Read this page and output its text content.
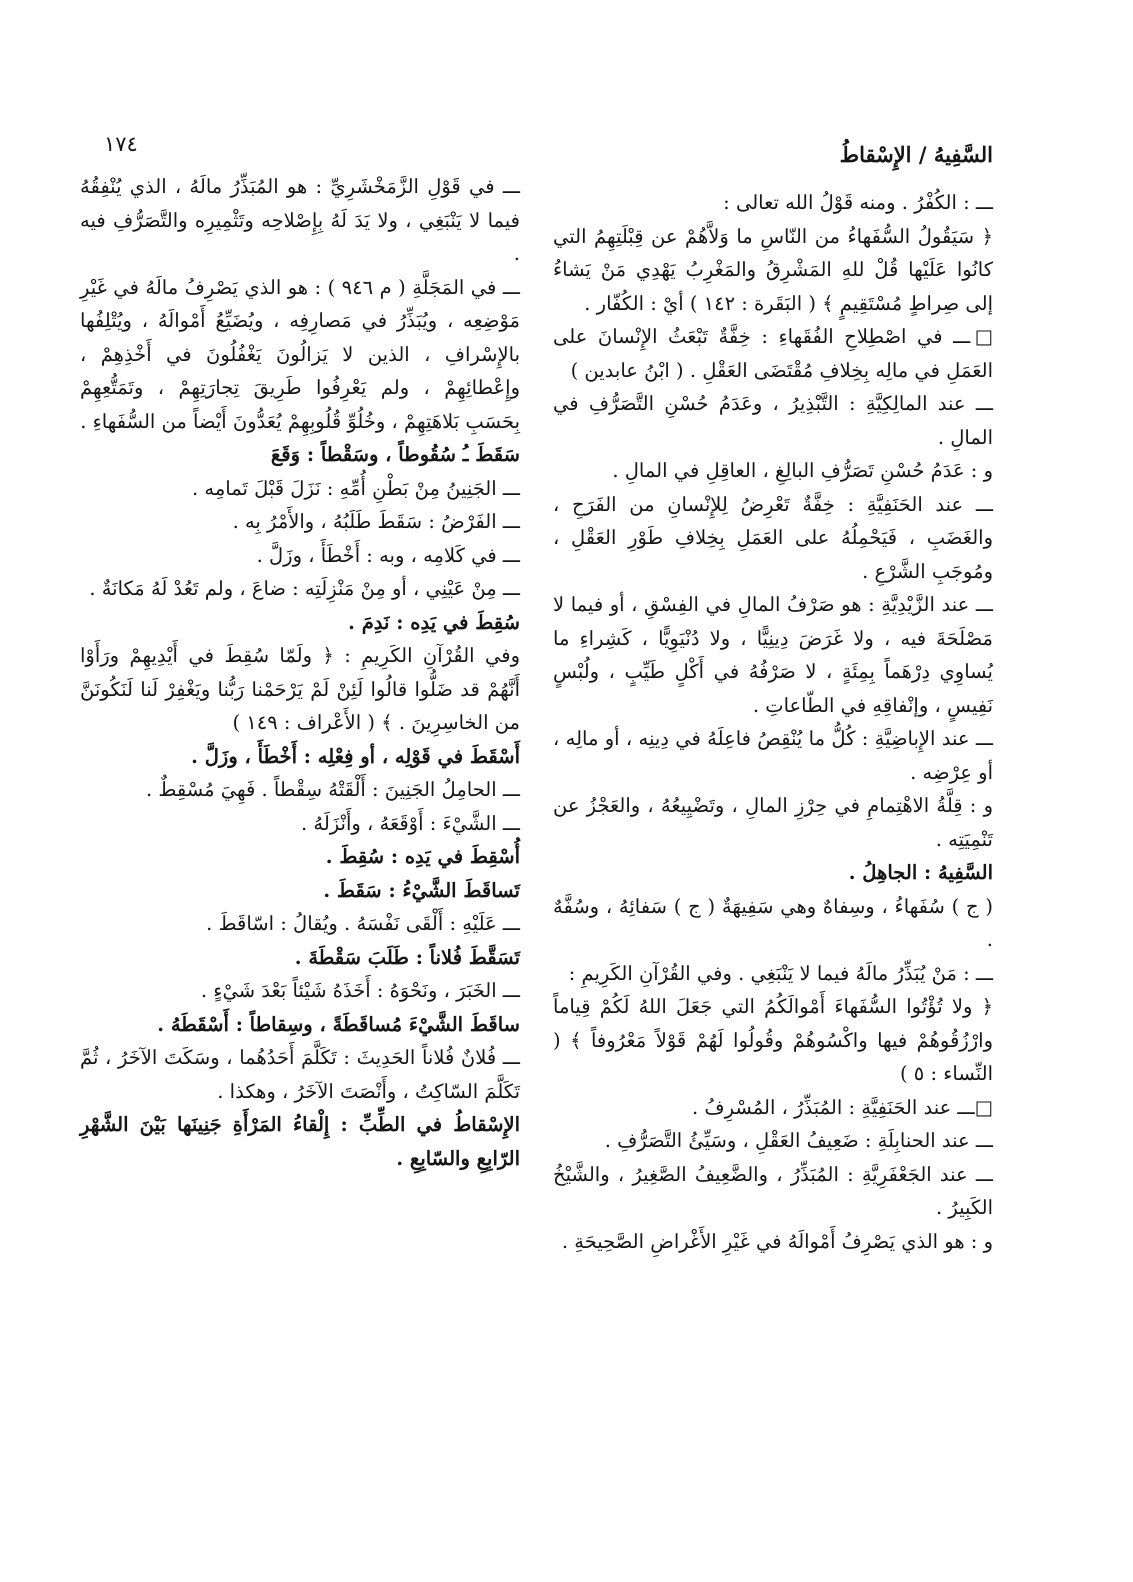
١٧٤	السَّفِيهُ / الإِسْقاطُ

ـــ : الكُفْرُ . ومنه قَوْلُ الله تعالى :

﴿ سَيَقُولُ السُّفَهاءُ من النّاسِ ما وَلاَّهُمْ عن قِبْلَتِهِمُ التي كانُوا عَلَيْها قُلْ للهِ المَشْرِقُ والمَغْرِبُ يَهْدِي مَنْ يَشاءُ إلى صِراطٍ مُسْتَقِيمٍ ﴾ ( البَقَرة : ١٤٢ ) أيْ : الكُفّار .

□ـــ في اصْطِلاحِ الفُقَهاءِ : خِفَّةٌ تَبْعَثُ الإِنْسانَ على العَمَلِ في مالِه بِخِلافِ مُقْتَضَى العَقْلِ . ( ابْنُ عابدين )

ـــ عند المالِكِيَّةِ : التَّبْذِيرُ ، وعَدَمُ حُسْنِ التَّصَرُّفِ في المالِ .

و : عَدَمُ حُسْنِ تَصَرُّفِ البالِغِ ، العاقِلِ في المالِ .

ـــ عند الحَنَفِيَّةِ : خِفَّةٌ تَعْرِضُ لِلإِنْسانِ من الفَرَحِ ، والغَضَبِ ، فَيَحْمِلُهُ على العَمَلِ بِخِلافِ طَوْرِ العَقْلِ ، ومُوجَبِ الشَّرْعِ .

ـــ عند الزَّيْدِيَّةِ : هو صَرْفُ المالِ في الفِسْقِ ، أو فيما لا مَصْلَحَةَ فيه ، ولا غَرَضَ دِينِيًّا ، ولا دُنْيَوِيًّا ، كَشِراءِ ما يُساوِي دِرْهَماً بِمِئَةٍ ، لا صَرْفُهُ في أَكْلٍ طَيِّبٍ ، ولُبْسٍ نَفِيسٍ ، وإنْفاقِهِ في الطّاعاتِ .

ـــ عند الإِباضِيَّةِ : كُلُّ ما يُنْقِصُ فاعِلَهُ في دِينِه ، أو مالِه ، أو عِرْضِه .

و : قِلَّةُ الاهْتِمامِ في حِرْزِ المالِ ، وتَضْيِيعُهُ ، والعَجْزُ عن تَنْمِيَتِه .

السَّفِيهُ : الجاهِلُ .

( ج ) سُفَهاءُ ، وسِفاهٌ وهي سَفِيهَةٌ ( ج ) سَفائِهُ ، وسُفَّهٌ .

ـــ : مَنْ يُبَذِّرُ مالَهُ فيما لا يَنْبَغِي . وفي القُرْآنِ الكَرِيمِ :

﴿ ولا تُؤْتُوا السُّفَهاءَ أَمْوالَكُمُ التي جَعَلَ اللهُ لَكُمْ قِياماً وارْزُقُوهُمْ فيها واكْسُوهُمْ وقُولُوا لَهُمْ قَوْلاً مَعْرُوفاً ﴾ ( النِّساء : ٥ )

□ـــ عند الحَنَفِيَّةِ : المُبَذِّرُ ، المُسْرِفُ .

ـــ عند الحنابِلَةِ : ضَعِيفُ العَقْلِ ، وسَيِّئُ التَّصَرُّفِ .

ـــ عند الجَعْفَرِيَّةِ : المُبَذِّرُ ، والضَّعِيفُ الصَّغِيرُ ، والشَّيْخُ الكَبِيرُ .

و : هو الذي يَصْرِفُ أَمْوالَهُ في غَيْرِ الأَغْراضِ الصَّحِيحَةِ .

ـــ في قَوْلِ الزَّمَخْشَرِيِّ : هو المُبَذِّرُ مالَهُ ، الذي يُنْفِقُهُ فيما لا يَنْبَغِي ، ولا يَدَ لَهُ بِإِصْلاحِه وتَثْمِيرِه والتَّصَرُّفِ فيه .

ـــ في المَجَلَّةِ ( م ٩٤٦ ) : هو الذي يَصْرِفُ مالَهُ في غَيْرِ مَوْضِعِه ، ويُبَذِّرُ في مَصارِفِه ، ويُضَيِّعُ أَمْوالَهُ ، ويُتْلِفُها بالإِسْرافِ ، الذين لا يَزالُونَ يَغْفُلُونَ في أَخْذِهِمْ ، وإِعْطائِهِمْ ، ولم يَعْرِفُوا طَرِيقَ تِجارَتِهِمْ ، وتَمَتُّعِهِمْ بِحَسَبِ بَلاهَتِهِمْ ، وخُلُوِّ قُلُوبِهِمْ يُعَدُّونَ أَيْضاً من السُّفَهاءِ .

سَقَطَ ـُ سُقُوطاً ، وسَقْطاً : وَقَعَ

ـــ الجَنِينُ مِنْ بَطْنِ أُمِّهِ : نَزَلَ قَبْلَ تَمامِه .

ـــ الفَرْضُ : سَقَطَ طَلَبُهُ ، والأَمْرُ بِه .

ـــ في كَلامِه ، وبه : أَخْطَأَ ، وزَلَّ .

ـــ مِنْ عَيْنِي ، أو مِنْ مَنْزِلَتِه : ضاعَ ، ولم تَعُدْ لَهُ مَكانَةٌ .

سُقِطَ في يَدِه : نَدِمَ .

وفي القُرْآنِ الكَرِيمِ : ﴿ ولَمّا سُقِطَ في أَيْدِيهِمْ ورَأَوْا أَنَّهُمْ قد ضَلُّوا قالُوا لَئِنْ لَمْ يَرْحَمْنا رَبُّنا ويَغْفِرْ لَنا لَنَكُونَنَّ من الخاسِرِينَ . ﴾ ( الأَعْراف : ١٤٩ )

أَسْقَطَ في قَوْلِه ، أو فِعْلِه : أَخْطَأَ ، وزَلَّ .

ـــ الحامِلُ الجَنِينَ : أَلْقَتْهُ سِقْطاً . فَهِيَ مُسْقِطٌ .

ـــ الشَّيْءَ : أَوْقَعَهُ ، وأَنْزَلَهُ .

أُسْقِطَ في يَدِه : سُقِطَ .

تَساقَطَ الشَّيْءُ : سَقَطَ .

ـــ عَلَيْهِ : أَلْقَى نَفْسَهُ . ويُقالُ : اسّاقَطَ .

تَسَقَّطَ فُلاناً : طَلَبَ سَقْطَةَ .

ـــ الخَبَرَ ، ونَحْوَهُ : أَخَذَهُ شَيْئاً بَعْدَ شَيْءٍ .

ساقَطَ الشَّيْءَ مُساقَطَةً ، وسِقاطاً : أَسْقَطَهُ .

ـــ فُلانٌ فُلاناً الحَدِيثَ : تَكَلَّمَ أَحَدُهُما ، وسَكَتَ الآخَرُ ، ثُمَّ تَكَلَّمَ السّاكِتُ ، وأَنْصَتَ الآخَرُ ، وهكذا .

الإِسْقاطُ في الطِّبِّ : إِلْقاءُ المَرْأَةِ جَنِينَها بَيْنَ الشَّهْرِ الرّابِعِ والسّابِعِ .
